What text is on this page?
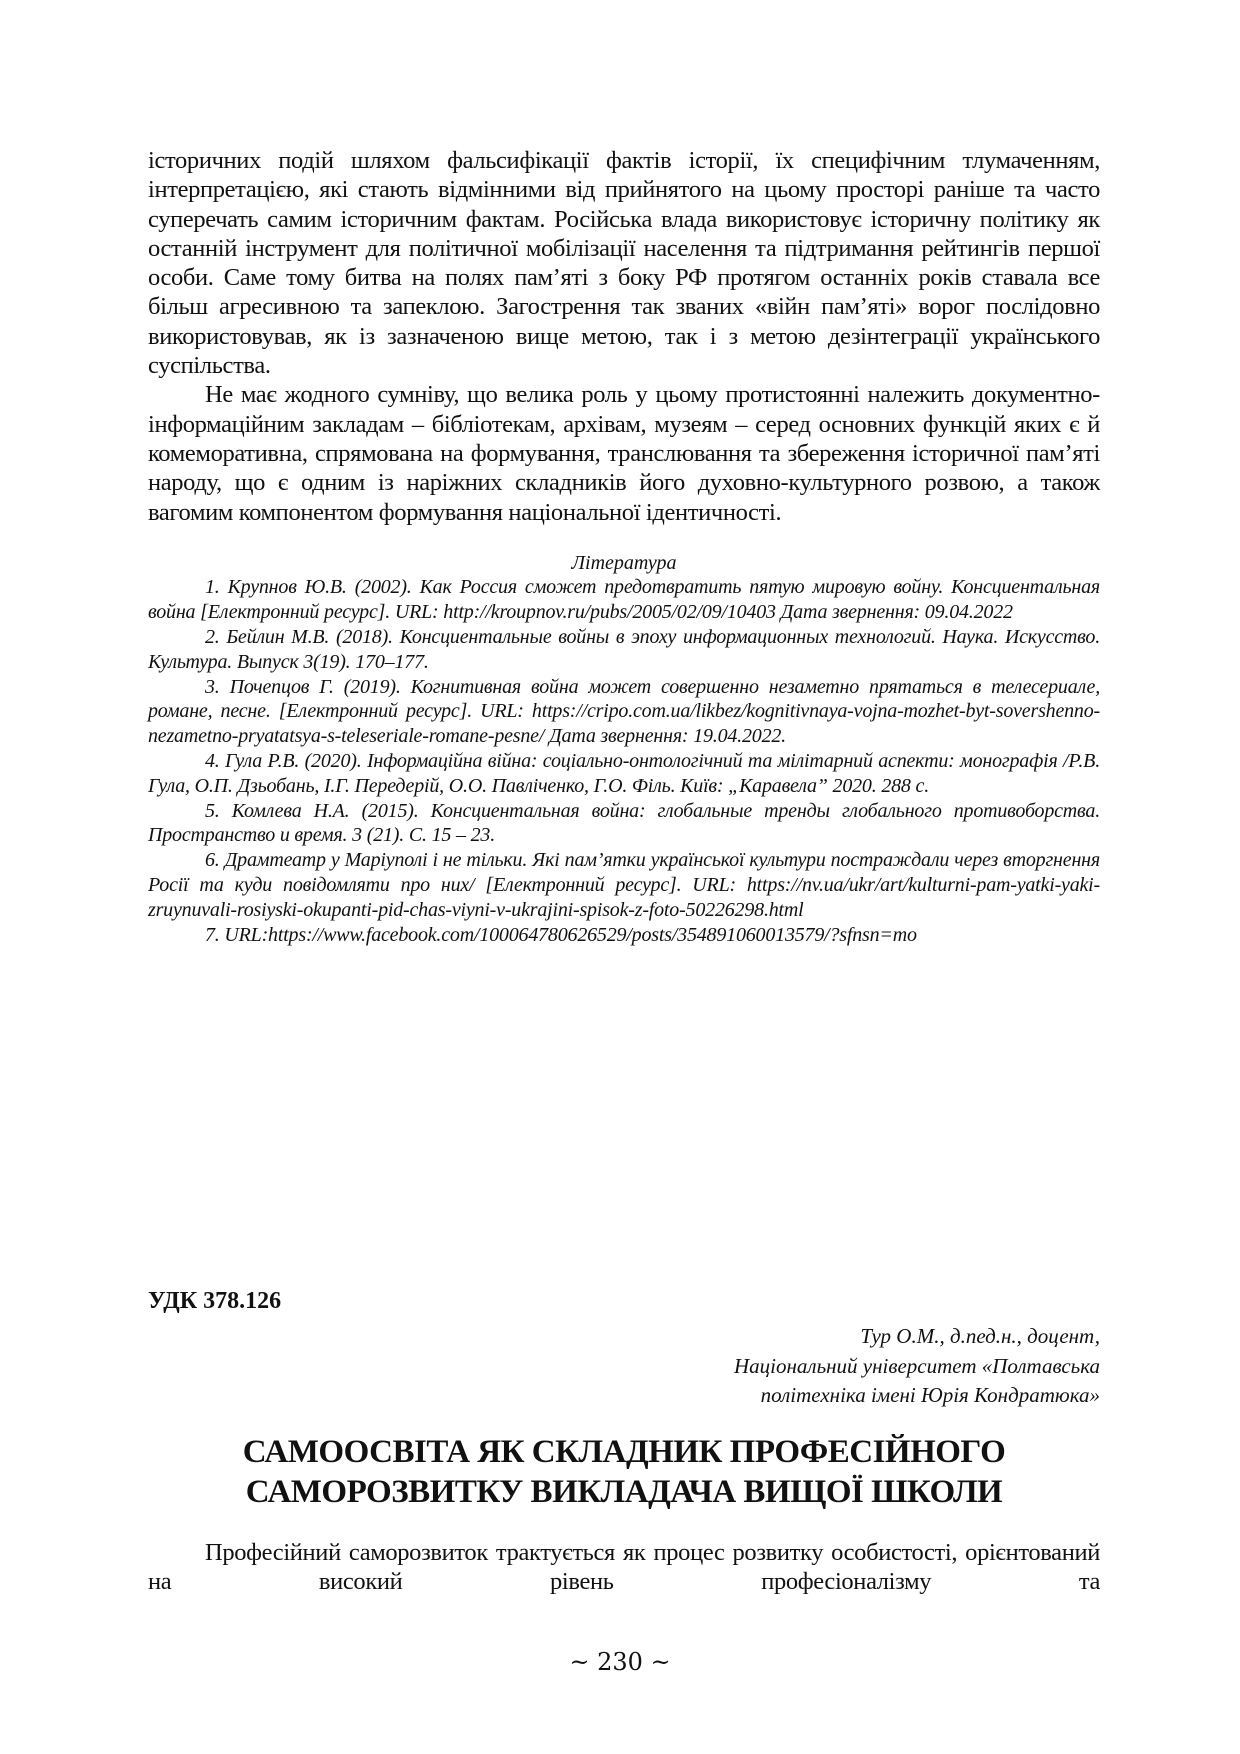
історичних подій шляхом фальсифікації фактів історії, їх специфічним тлумаченням, інтерпретацією, які стають відмінними від прийнятого на цьому просторі раніше та часто суперечать самим історичним фактам. Російська влада використовує історичну політику як останній інструмент для політичної мобілізації населення та підтримання рейтингів першої особи. Саме тому битва на полях пам’яті з боку РФ протягом останніх років ставала все більш агресивною та запеклою. Загострення так званих «війн пам’яті» ворог послідовно використовував, як із зазначеною вище метою, так і з метою дезінтеграції українського суспільства.

Не має жодного сумніву, що велика роль у цьому протистоянні належить документно-інформаційним закладам – бібліотекам, архівам, музеям – серед основних функцій яких є й комеморативна, спрямована на формування, транслювання та збереження історичної пам’яті народу, що є одним із наріжних складників його духовно-культурного розвою, а також вагомим компонентом формування національної ідентичності.

Література

1. Крупнов Ю.В. (2002). Как Россия сможет предотвратить пятую мировую войну. Консциентальная война [Електронний ресурс]. URL: http://kroupnov.ru/pubs/2005/02/09/10403 Дата звернення: 09.04.2022

2. Бейлин М.В. (2018). Консциентальные войны в эпоху информационных технологий. Наука. Искусство. Культура. Выпуск 3(19). 170–177.

3. Почепцов Г. (2019). Когнитивная война может совершенно незаметно прятаться в телесериале, романе, песне. [Електронний ресурс]. URL: https://cripo.com.ua/likbez/kognitivnaya-vojna-mozhet-byt-sovershenno-nezametno-pryatatsya-s-teleseriale-romane-pesne/ Дата звернення: 19.04.2022.

4. Гула Р.В. (2020). Інформаційна війна: соціально-онтологічний та мілітарний аспекти: монографія /Р.В. Гула, О.П. Дзьобань, І.Г. Передерій, О.О. Павліченко, Г.О. Філь. Київ: „Каравела” 2020. 288 с.

5. Комлева Н.А. (2015). Консциентальная война: глобальные тренды глобального противоборства. Пространство и время. 3 (21). С. 15 – 23.

6. Драмтеатр у Маріуполі і не тільки. Які пам’ятки української культури постраждали через вторгнення Росії та куди повідомляти про них/ [Електронний ресурс]. URL: https://nv.ua/ukr/art/kulturni-pam-yatki-yaki-zruynuvali-rosiyski-okupanti-pid-chas-viyni-v-ukrajini-spisok-z-foto-50226298.html

7. URL:https://www.facebook.com/100064780626529/posts/354891060013579/?sfnsn=mo

УДК 378.126

Тур О.М., д.пед.н., доцент,
Національний університет «Полтавська
політехніка імені Юрія Кондратюка»
САМООСВІТА ЯК СКЛАДНИК ПРОФЕСІЙНОГО
САМОРОЗВИТКУ ВИКЛАДАЧА ВИЩОЇ ШКОЛИ

Професійний саморозвиток трактується як процес розвитку особистості, орієнтований на високий рівень професіоналізму та

~ 230 ~
